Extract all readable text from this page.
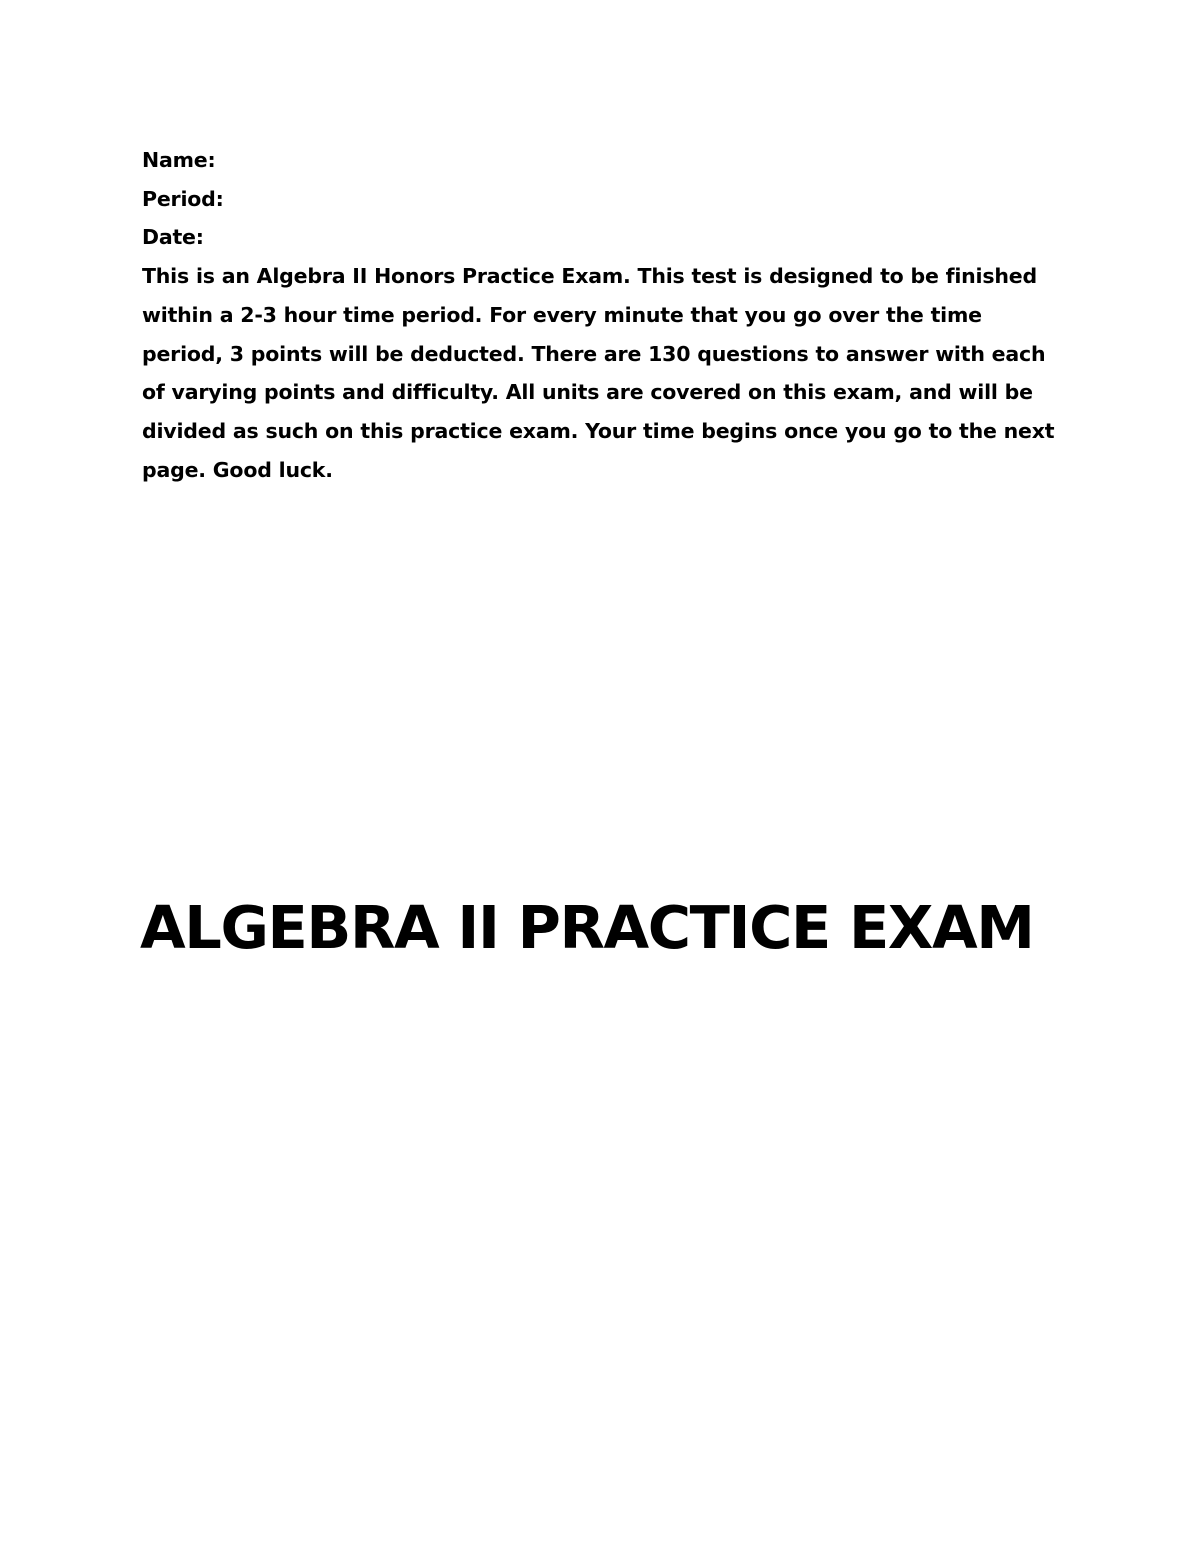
Name:
Period:
Date:

This is an Algebra II Honors Practice Exam. This test is designed to be finished within a 2-3 hour time period. For every minute that you go over the time period, 3 points will be deducted. There are 130 questions to answer with each of varying points and difficulty. All units are covered on this exam, and will be divided as such on this practice exam. Your time begins once you go to the next page. Good luck.

ALGEBRA II PRACTICE EXAM
